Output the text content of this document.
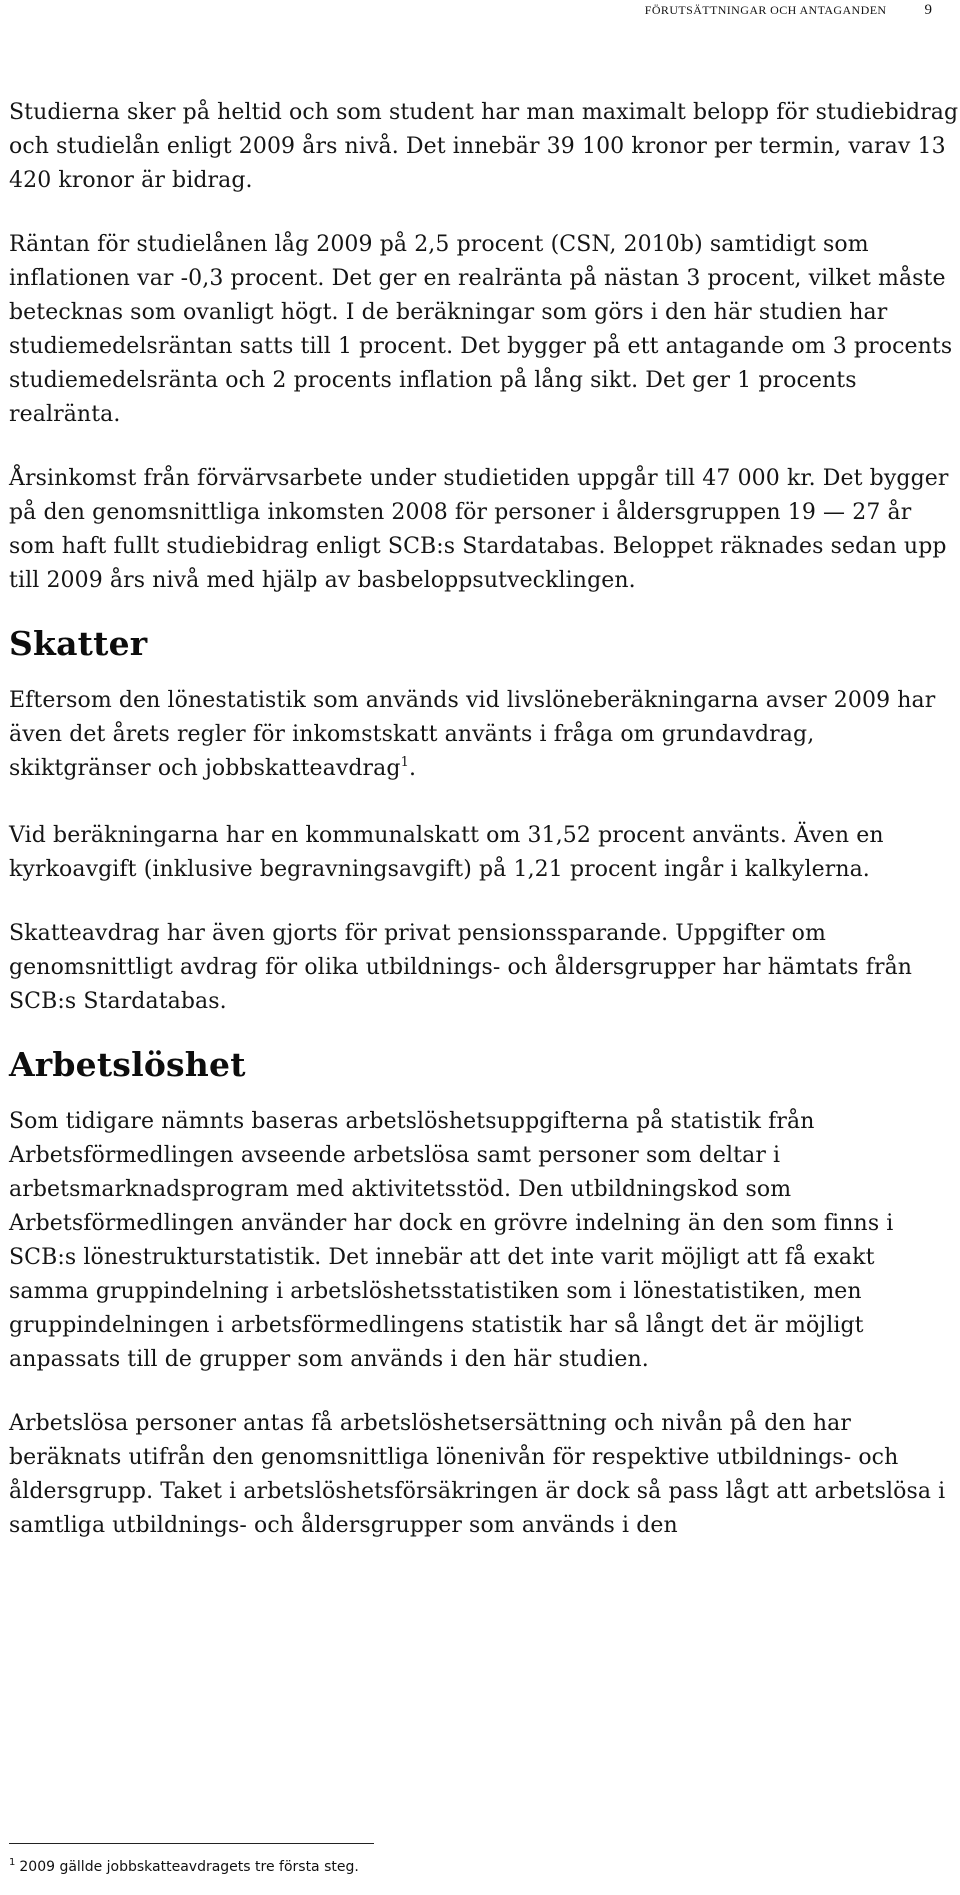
FÖRUTSÄTTNINGAR OCH ANTAGANDEN	9

Studierna sker på heltid och som student har man maximalt belopp för studiebidrag och studielån enligt 2009 års nivå. Det innebär 39 100 kronor per termin, varav 13 420 kronor är bidrag.

Räntan för studielånen låg 2009 på 2,5 procent (CSN, 2010b) samtidigt som inflationen var -0,3 procent. Det ger en realränta på nästan 3 procent, vilket måste betecknas som ovanligt högt. I de beräkningar som görs i den här studien har studiemedelsräntan satts till 1 procent. Det bygger på ett antagande om 3 procents studiemedelsränta och 2 procents inflation på lång sikt. Det ger 1 procents realränta.

Årsinkomst från förvärvsarbete under studietiden uppgår till 47 000 kr. Det bygger på den genomsnittliga inkomsten 2008 för personer i åldersgruppen 19 — 27 år som haft fullt studiebidrag enligt SCB:s Stardatabas. Beloppet räknades sedan upp till 2009 års nivå med hjälp av basbeloppsutvecklingen.

Skatter

Eftersom den lönestatistik som används vid livslöneberäkningarna avser 2009 har även det årets regler för inkomstskatt använts i fråga om grundavdrag, skiktgränser och jobbskatteavdrag$^1$.

Vid beräkningarna har en kommunalskatt om 31,52 procent använts. Även en kyrkoavgift (inklusive begravningsavgift) på 1,21 procent ingår i kalkylerna.

Skatteavdrag har även gjorts för privat pensionssparande. Uppgifter om genomsnittligt avdrag för olika utbildnings- och åldersgrupper har hämtats från SCB:s Stardatabas.

Arbetslöshet

Som tidigare nämnts baseras arbetslöshetsuppgifterna på statistik från Arbetsförmedlingen avseende arbetslösa samt personer som deltar i arbetsmarknadsprogram med aktivitetsstöd. Den utbildningskod som Arbetsförmedlingen använder har dock en grövre indelning än den som finns i SCB:s lönestrukturstatistik. Det innebär att det inte varit möjligt att få exakt samma gruppindelning i arbetslöshetsstatistiken som i lönestatistiken, men gruppindelningen i arbetsförmedlingens statistik har så långt det är möjligt anpassats till de grupper som används i den här studien.

Arbetslösa personer antas få arbetslöshetsersättning och nivån på den har beräknats utifrån den genomsnittliga lönenivån för respektive utbildnings- och åldersgrupp. Taket i arbetslöshetsförsäkringen är dock så pass lågt att arbetslösa i samtliga utbildnings- och åldersgrupper som används i den

$^1$ 2009 gällde jobbskatteavdragets tre första steg.
